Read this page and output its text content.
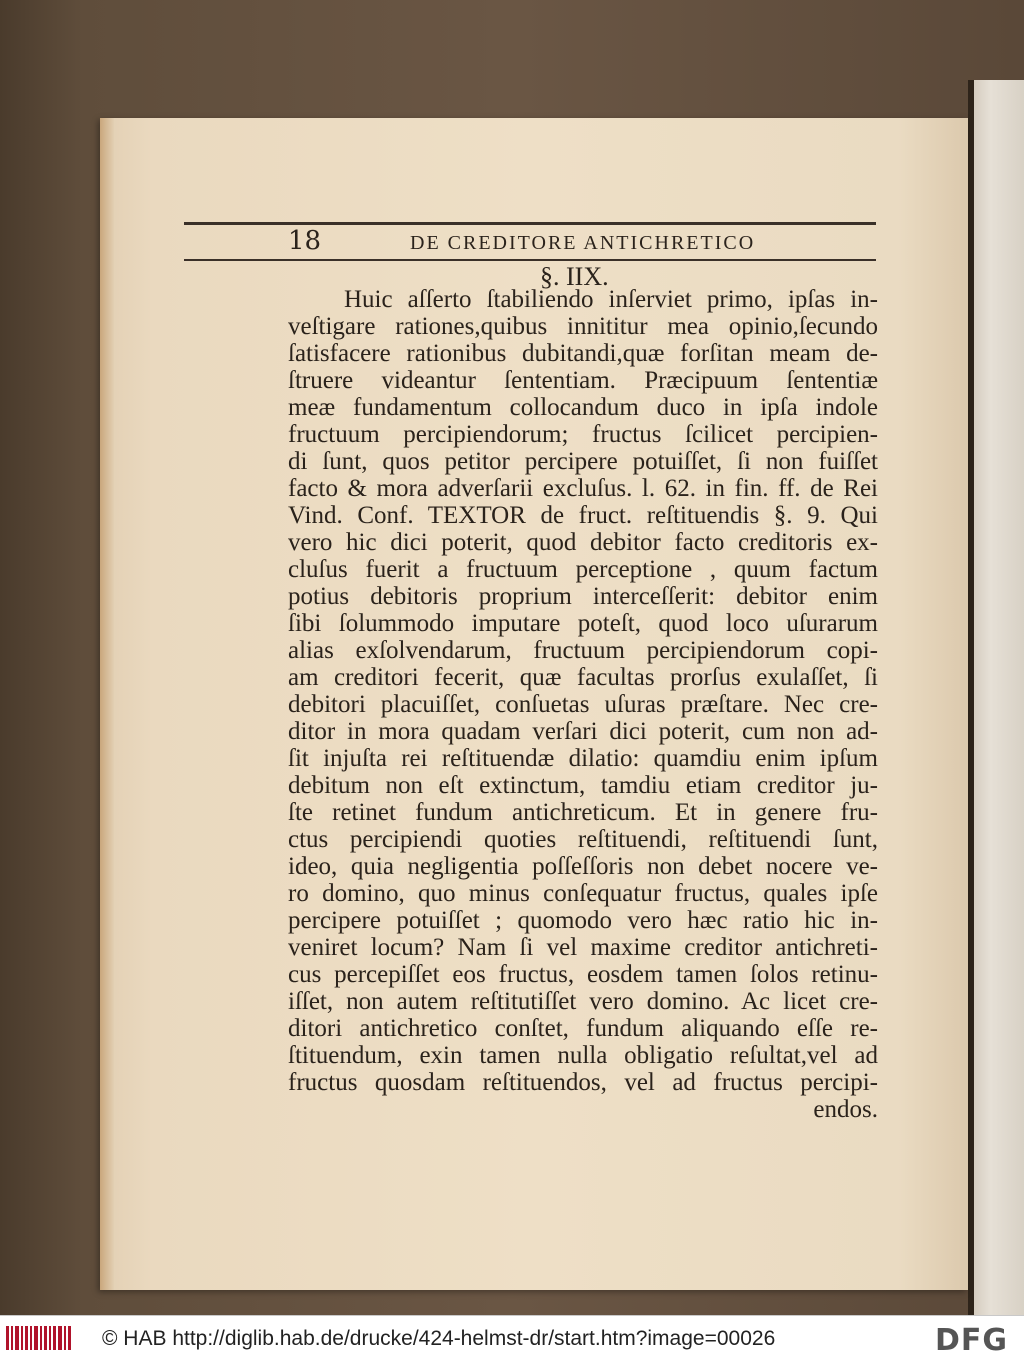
18	DE CREDITORE ANTICHRETICO
§. IIX.
Huic aſſerto ſtabiliendo inſerviet primo, ipſas in-
veſtigare rationes,quibus innititur mea opinio,ſecundo
ſatisfacere rationibus dubitandi,quæ forſitan meam de-
ſtruere videantur ſententiam. Præcipuum ſententiæ
meæ fundamentum collocandum duco in ipſa indole
fructuum percipiendorum; fructus ſcilicet percipien-
di ſunt, quos petitor percipere potuiſſet, ſi non fuiſſet
facto & mora adverſarii excluſus. l. 62. in fin. ff. de Rei
Vind. Conf. TEXTOR de fruct. reſtituendis §. 9. Qui
vero hic dici poterit, quod debitor facto creditoris ex-
cluſus fuerit a fructuum perceptione , quum factum
potius debitoris proprium interceſſerit: debitor enim
ſibi ſolummodo imputare poteſt, quod loco uſurarum
alias exſolvendarum, fructuum percipiendorum copi-
am creditori fecerit, quæ facultas prorſus exulaſſet, ſi
debitori placuiſſet, conſuetas uſuras præſtare. Nec cre-
ditor in mora quadam verſari dici poterit, cum non ad-
ſit injuſta rei reſtituendæ dilatio: quamdiu enim ipſum
debitum non eſt extinctum, tamdiu etiam creditor ju-
ſte retinet fundum antichreticum. Et in genere fru-
ctus percipiendi quoties reſtituendi, reſtituendi ſunt,
ideo, quia negligentia poſſeſſoris non debet nocere ve-
ro domino, quo minus conſequatur fructus, quales ipſe
percipere potuiſſet ; quomodo vero hæc ratio hic in-
veniret locum? Nam ſi vel maxime creditor antichreti-
cus percepiſſet eos fructus, eosdem tamen ſolos retinu-
iſſet, non autem reſtitutiſſet vero domino. Ac licet cre-
ditori antichretico conſtet, fundum aliquando eſſe re-
ſtituendum, exin tamen nulla obligatio reſultat,vel ad
fructus quosdam reſtituendos, vel ad fructus percipi-
endos.
© HAB http://diglib.hab.de/drucke/424-helmst-dr/start.htm?image=00026	DFG
